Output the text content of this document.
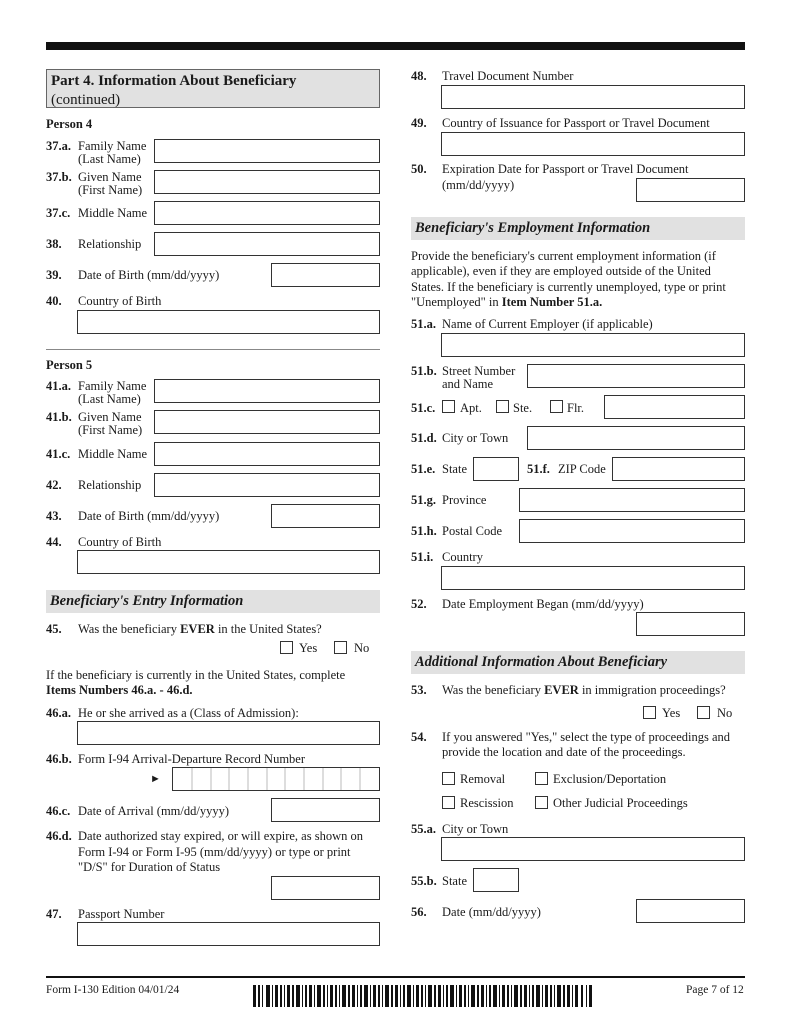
Part 4. Information About Beneficiary
(continued)
Person 4
37.a. Family Name
(Last Name)
37.b. Given Name
(First Name)
37.c. Middle Name
38. Relationship
39. Date of Birth (mm/dd/yyyy)
40. Country of Birth
Person 5
41.a. Family Name
(Last Name)
41.b. Given Name
(First Name)
41.c. Middle Name
42. Relationship
43. Date of Birth (mm/dd/yyyy)
44. Country of Birth
Beneficiary's Entry Information
45. Was the beneficiary EVER in the United States?
Yes	No
If the beneficiary is currently in the United States, complete
Items Numbers 46.a. - 46.d.
46.a. He or she arrived as a (Class of Admission):
46.b. Form I-94 Arrival-Departure Record Number
►
46.c. Date of Arrival (mm/dd/yyyy)
46.d. Date authorized stay expired, or will expire, as shown on
Form I-94 or Form I-95 (mm/dd/yyyy) or type or print
"D/S" for Duration of Status
47. Passport Number
48. Travel Document Number
49. Country of Issuance for Passport or Travel Document
50. Expiration Date for Passport or Travel Document
(mm/dd/yyyy)
Beneficiary's Employment Information
Provide the beneficiary's current employment information (if
applicable), even if they are employed outside of the United
States. If the beneficiary is currently unemployed, type or print
"Unemployed" in Item Number 51.a.
51.a. Name of Current Employer (if applicable)
51.b. Street Number
and Name
51.c. Apt. Ste.	Flr.
51.d. City or Town
51.e. State	51.f. ZIP Code
51.g. Province
51.h. Postal Code
51.i. Country
52. Date Employment Began (mm/dd/yyyy)
Additional Information About Beneficiary
53. Was the beneficiary EVER in immigration proceedings?
Yes	No
54. If you answered "Yes," select the type of proceedings and
provide the location and date of the proceedings.
Removal	Exclusion/Deportation
Rescission	Other Judicial Proceedings
55.a. City or Town
55.b. State
56. Date (mm/dd/yyyy)
Form I-130 Edition 04/01/24	Page 7 of 12
